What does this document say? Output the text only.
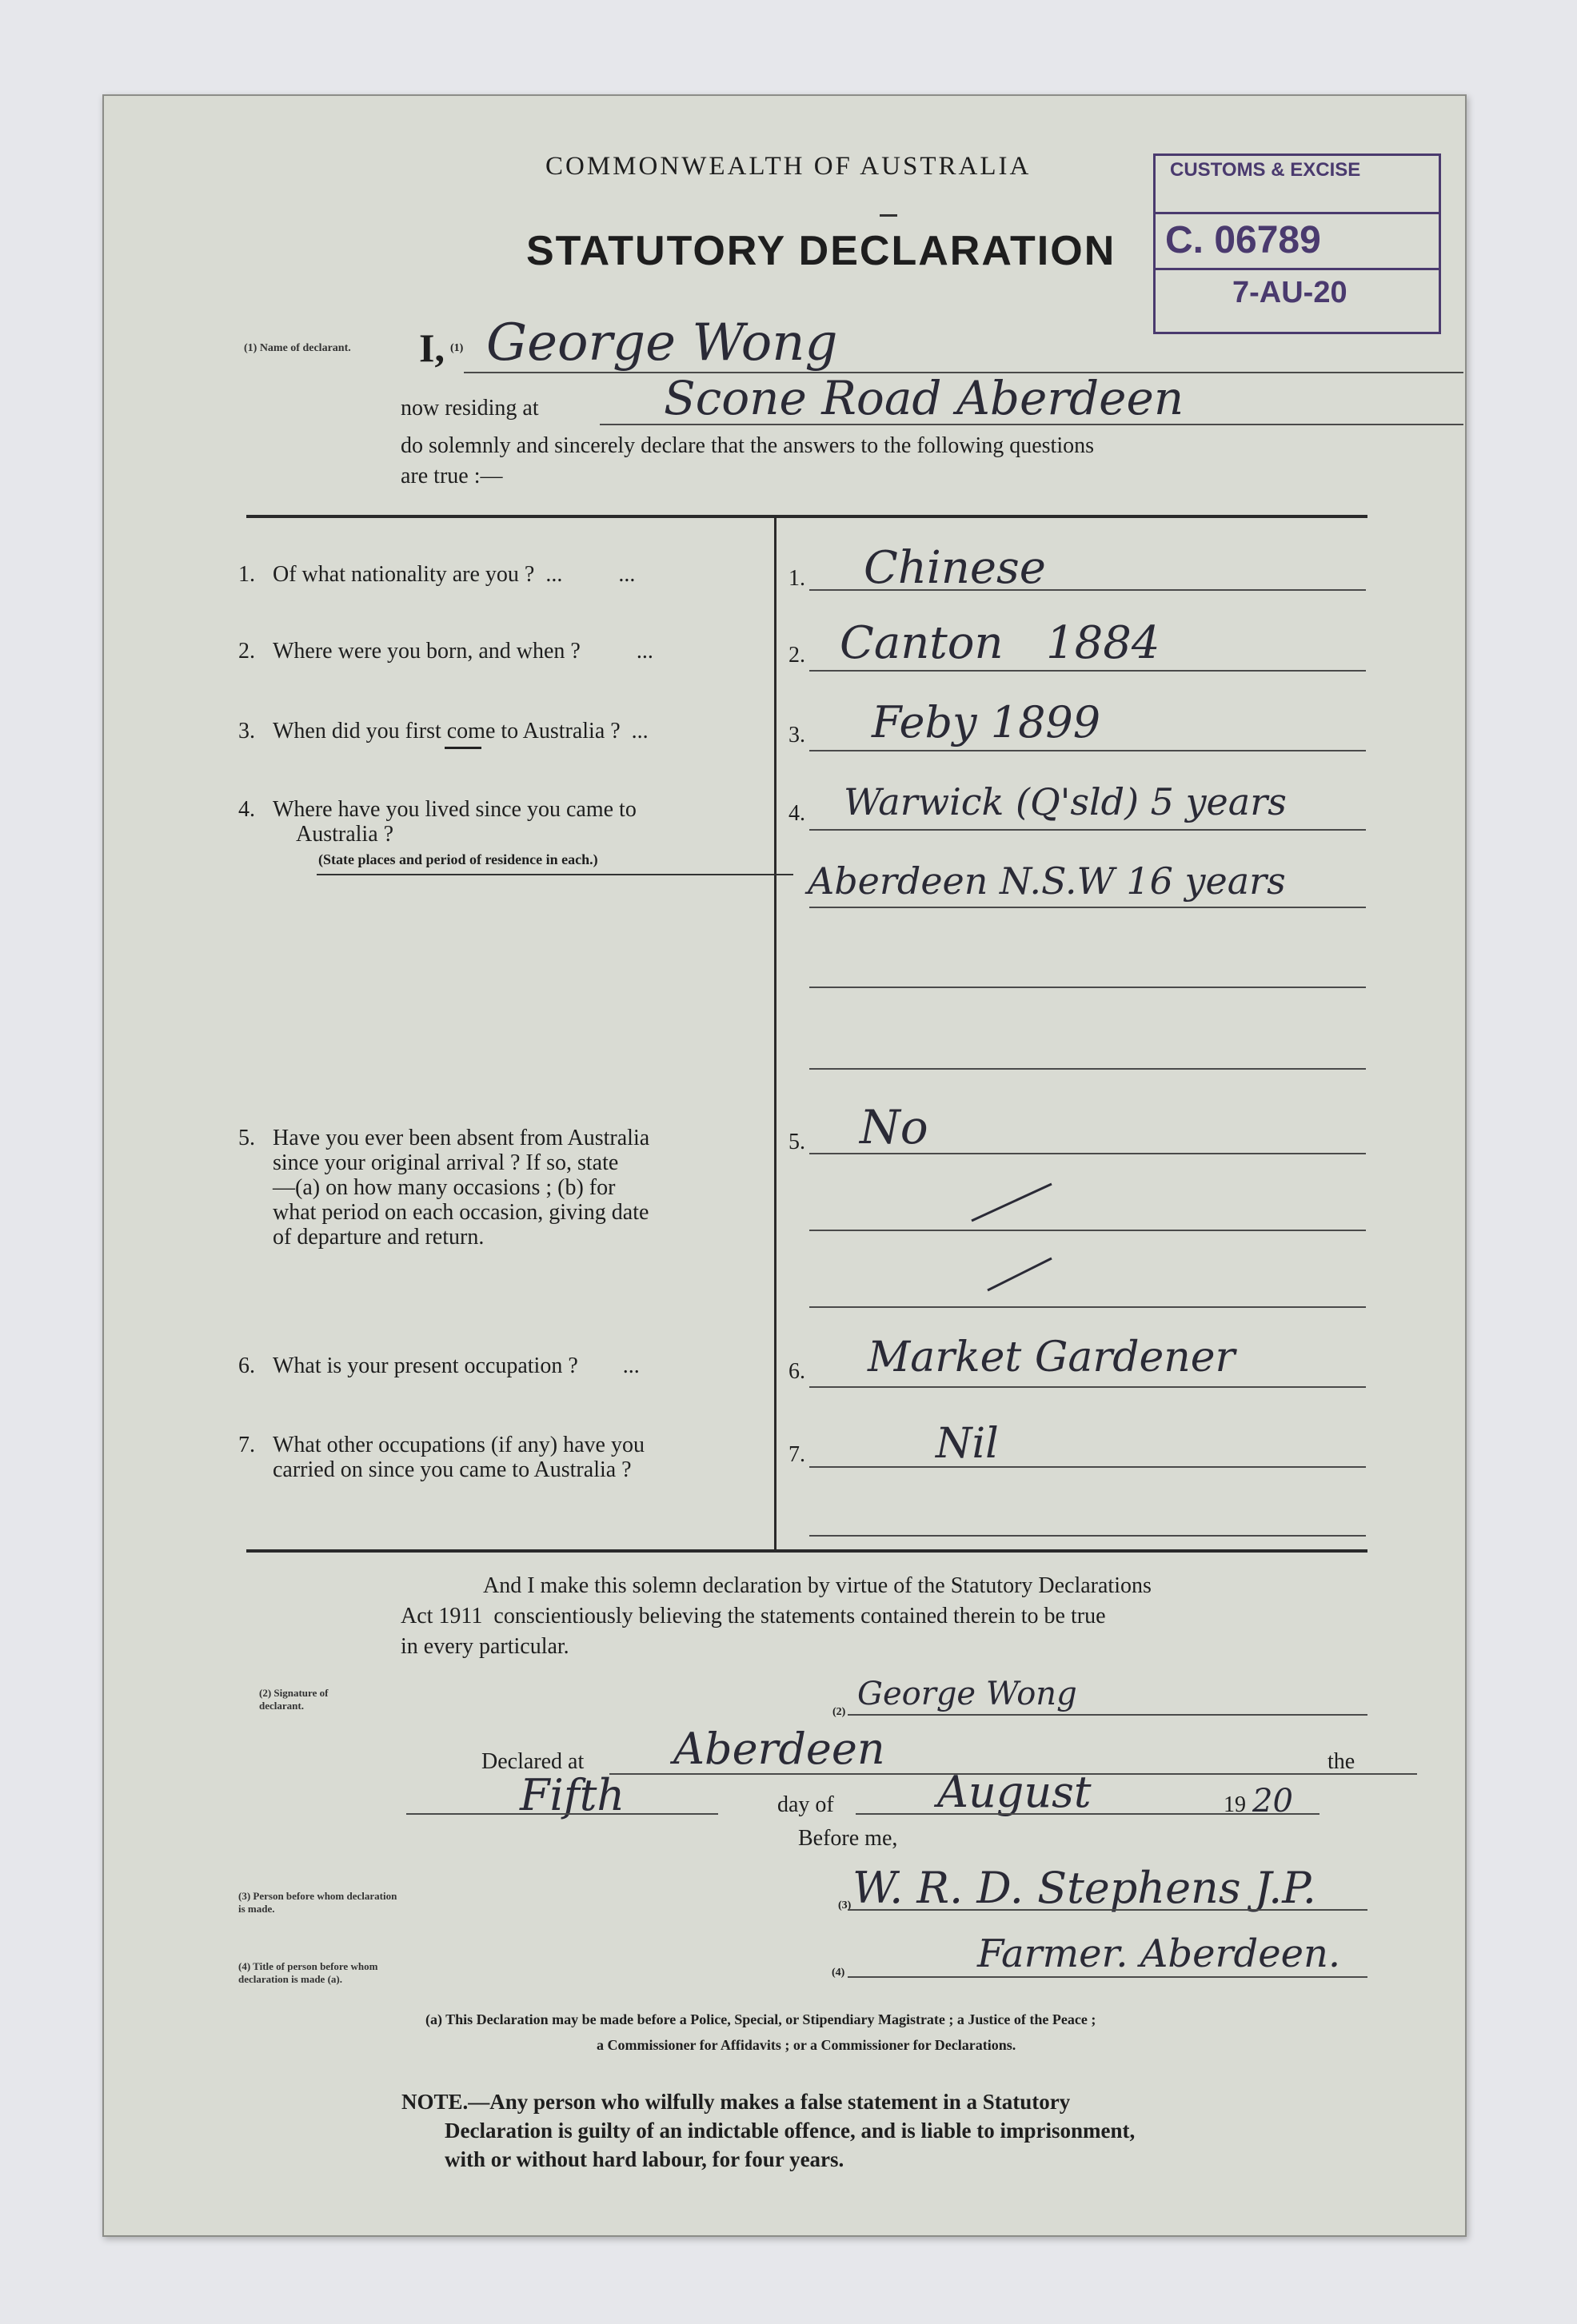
COMMONWEALTH OF AUSTRALIA
STATUTORY DECLARATION
CUSTOMS & EXCISE
C. 06789
7-AU-20
(1) Name of declarant.	I, (1) George Wong
now residing at	Scone Road Aberdeen
do solemnly and sincerely declare that the answers to the following questions
are true :—
1. Of what nationality are you ?  ...          ...	1. Chinese
2. Where were you born, and when ?          ...	2. Canton   1884
3. When did you first come to Australia ?  ...	3. Feby 1899
4. Where have you lived since you came to
Australia ?
(State places and period of residence in each.)
4. Warwick (Q'sld) 5 years
Aberdeen N.S.W 16 years
5. Have you ever been absent from Australia
since your original arrival ? If so, state
—(a) on how many occasions ; (b) for
what period on each occasion, giving date
of departure and return.
5. No
6. What is your present occupation ?        ...	6. Market Gardener
7. What other occupations (if any) have you
carried on since you came to Australia ?
7.	Nil
And I make this solemn declaration by virtue of the Statutory Declarations
Act 1911  conscientiously believing the statements contained therein to be true
in every particular.
(2) Signature of declarant.
(2) George Wong
Declared at Aberdeen	the
Fifth	day of August	19 20
Before me,
(3) Person before whom declaration is made.	(3) W. R. D. Stephens J.P.
(4) Title of person before whom declaration is made (a).
(4)	Farmer. Aberdeen.
(a) This Declaration may be made before a Police, Special, or Stipendiary Magistrate ; a Justice of the Peace ;
a Commissioner for Affidavits ; or a Commissioner for Declarations.
NOTE.—Any person who wilfully makes a false statement in a Statutory
Declaration is guilty of an indictable offence, and is liable to imprisonment,
with or without hard labour, for four years.
